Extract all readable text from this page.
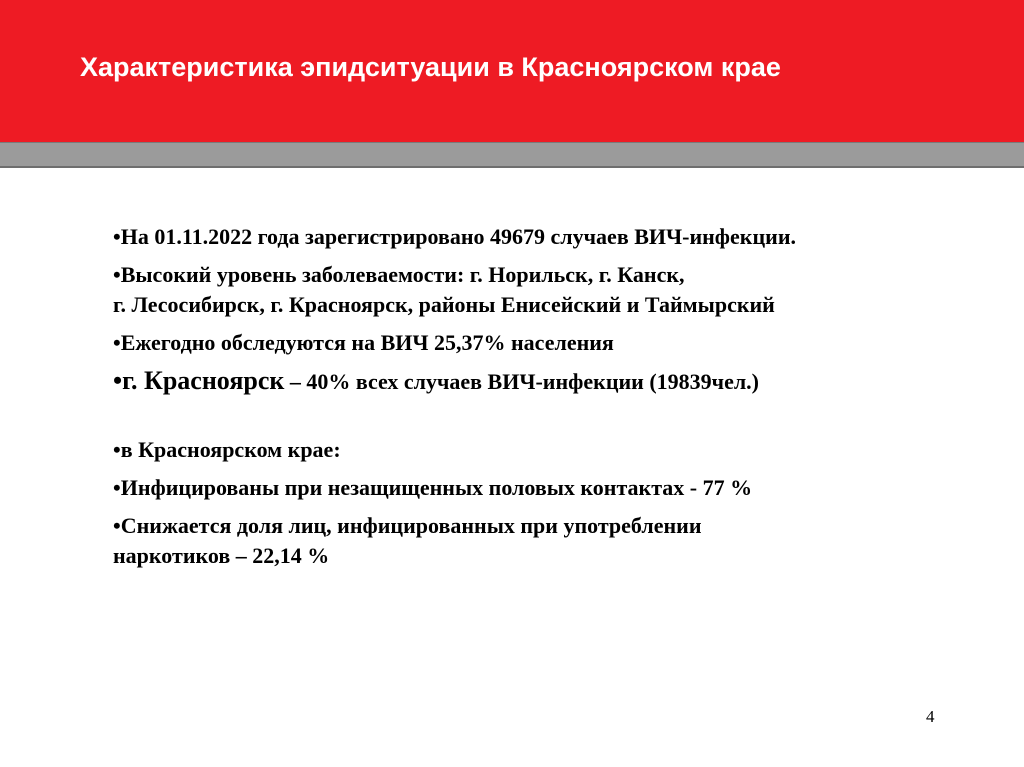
Характеристика эпидситуации в Красноярском крае

•На 01.11.2022 года зарегистрировано 49679 случаев ВИЧ-инфекции.

•Высокий уровень заболеваемости: г. Норильск, г. Канск,
г. Лесосибирск, г. Красноярск, районы Енисейский и Таймырский

•Ежегодно обследуются на ВИЧ 25,37% населения

•г. Красноярск – 40% всех случаев ВИЧ-инфекции (19839чел.)

•в Красноярском крае:

•Инфицированы при незащищенных половых контактах - 77 %

•Снижается доля лиц, инфицированных при употреблении
наркотиков – 22,14 %

4
